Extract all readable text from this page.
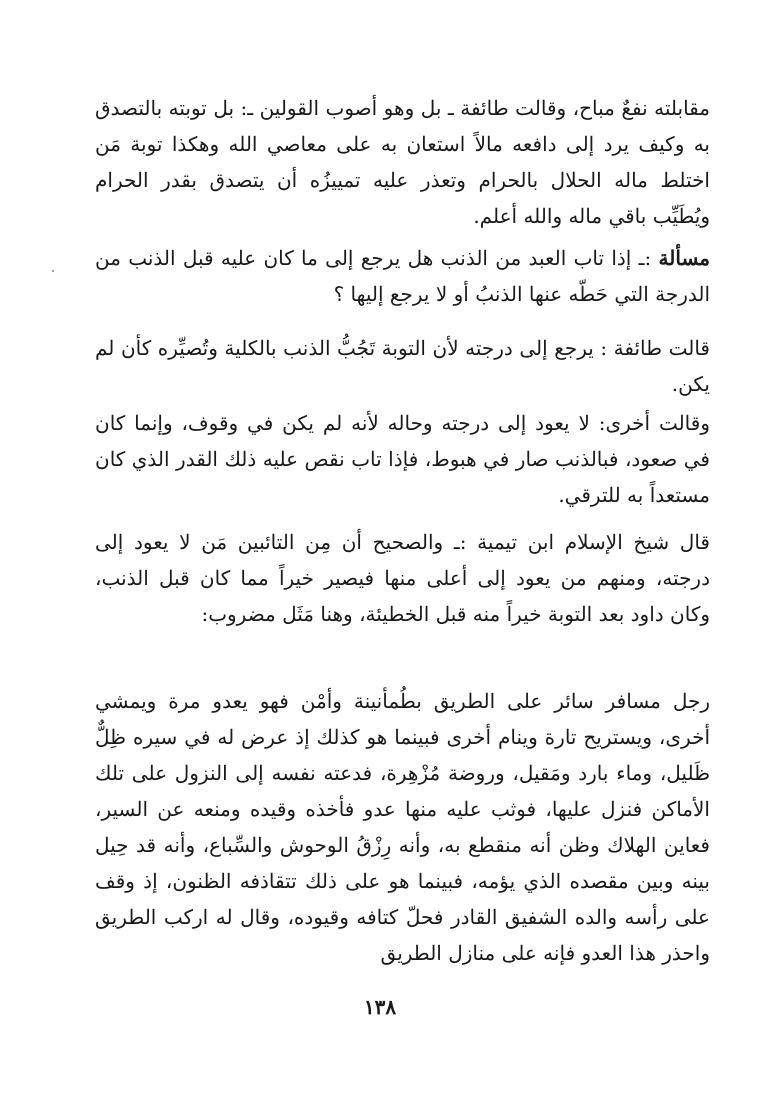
مقابلته نفعٌ مباح، وقالت طائفة ـ بل وهو أصوب القولين ـ: بل توبته بالتصدق به وكيف يرد إلى دافعه مالاً استعان به على معاصي الله وهكذا توبة مَن اختلط ماله الحلال بالحرام وتعذر عليه تمييزُه أن يتصدق بقدر الحرام ويُطَيِّب باقي ماله والله أعلم.

مسألة :ـ إذا تاب العبد من الذنب هل يرجع إلى ما كان عليه قبل الذنب من الدرجة التي حَطّه عنها الذنبُ أو لا يرجع إليها ؟

قالت طائفة : يرجع إلى درجته لأن التوبة تَجُبُّ الذنب بالكلية وتُصيِّره كأن لم يكن.

وقالت أخرى: لا يعود إلى درجته وحاله لأنه لم يكن في وقوف، وإنما كان في صعود، فبالذنب صار في هبوط، فإذا تاب نقص عليه ذلك القدر الذي كان مستعداً به للترقي.

قال شيخ الإسلام ابن تيمية :ـ والصحيح أن مِن التائبين مَن لا يعود إلى درجته، ومنهم من يعود إلى أعلى منها فيصير خيراً مما كان قبل الذنب، وكان داود بعد التوبة خيراً منه قبل الخطيئة، وهنا مَثَل مضروب:

رجل مسافر سائر على الطريق بطُمأنينة وأمْن فهو يعدو مرة ويمشي أخرى، ويستريح تارة وينام أخرى فبينما هو كذلك إذ عرض له في سيره ظِلٌّ ظَليل، وماء بارد ومَقيل، وروضة مُزْهِرة، فدعته نفسه إلى النزول على تلك الأماكن فنزل عليها، فوثب عليه منها عدو فأخذه وقيده ومنعه عن السير، فعاين الهلاك وظن أنه منقطع به، وأنه رِزْقُ الوحوش والسِّباع، وأنه قد حِيل بينه وبين مقصده الذي يؤمه، فبينما هو على ذلك تتقاذفه الظنون، إذ وقف على رأسه والده الشفيق القادر فحلّ كتافه وقيوده، وقال له اركب الطريق واحذر هذا العدو فإنه على منازل الطريق

١٣٨
